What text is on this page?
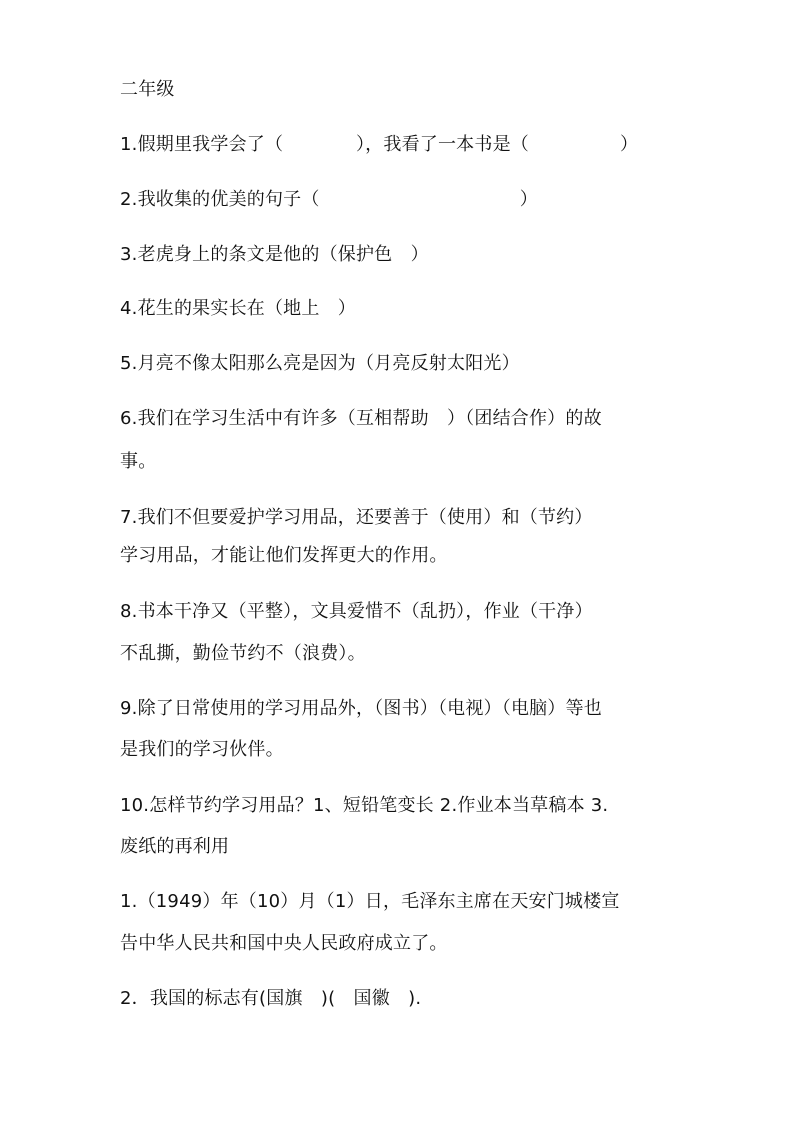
二年级
1.假期里我学会了（　　　　），我看了一本书是（　　　　　）
2.我收集的优美的句子（　　　　　　　　　　　）
3.老虎身上的条文是他的（保护色　）
4.花生的果实长在（地上　）
5.月亮不像太阳那么亮是因为（月亮反射太阳光）
6.我们在学习生活中有许多（互相帮助　）（团结合作）的故
事。
7.我们不但要爱护学习用品，还要善于（使用）和（节约）
学习用品，才能让他们发挥更大的作用。
8.书本干净又（平整），文具爱惜不（乱扔），作业（干净）
不乱撕，勤俭节约不（浪费）。
9.除了日常使用的学习用品外，（图书）（电视）（电脑）等也
是我们的学习伙伴。
10.怎样节约学习用品？1、短铅笔变长 2.作业本当草稿本 3.
废纸的再利用
1.（1949）年（10）月（1）日，毛泽东主席在天安门城楼宣
告中华人民共和国中央人民政府成立了。
2．我国的标志有(国旗　)(　国徽　).
